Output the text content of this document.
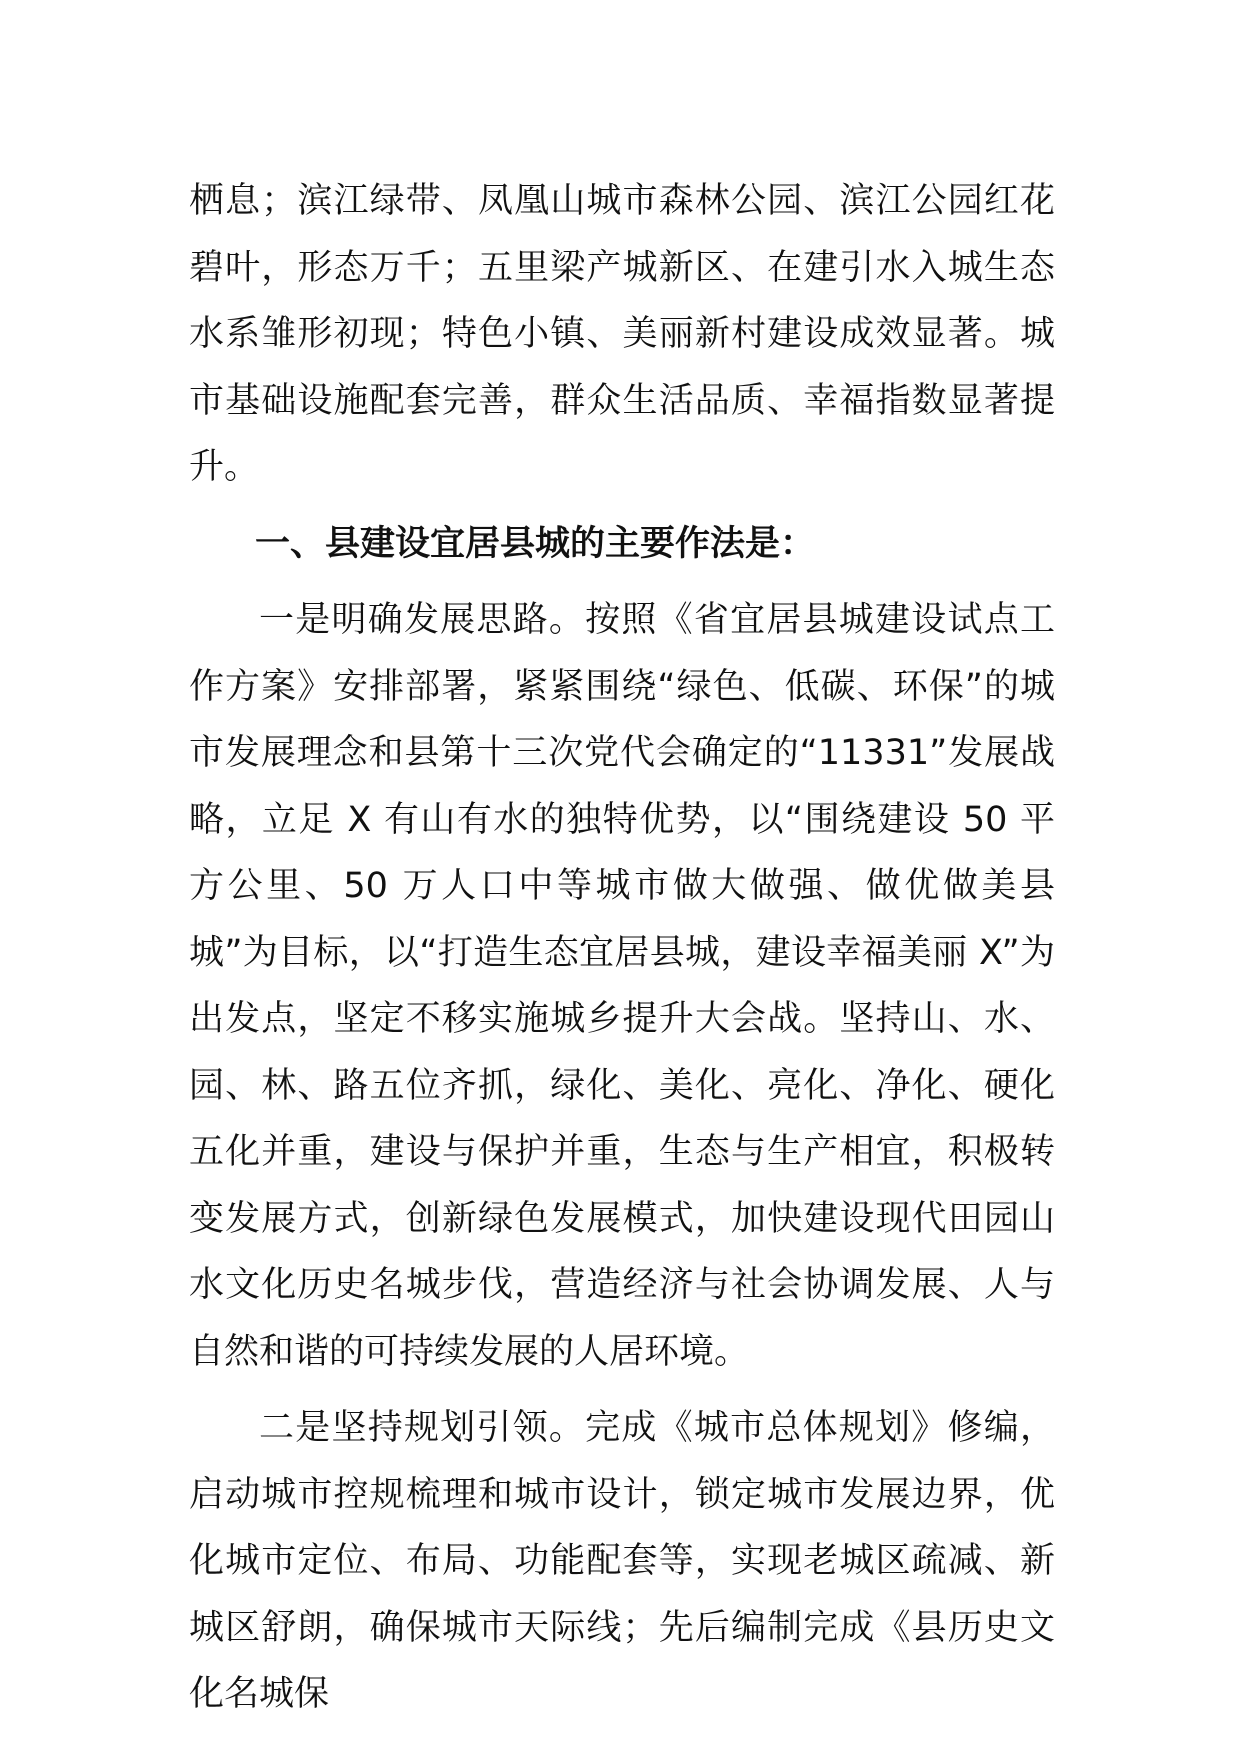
栖息；滨江绿带、凤凰山城市森林公园、滨江公园红花碧叶，形态万千；五里梁产城新区、在建引水入城生态水系雏形初现；特色小镇、美丽新村建设成效显著。城市基础设施配套完善，群众生活品质、幸福指数显著提升。

一、县建设宜居县城的主要作法是：

一是明确发展思路。按照《省宜居县城建设试点工作方案》安排部署，紧紧围绕“绿色、低碳、环保”的城市发展理念和县第十三次党代会确定的“11331”发展战略，立足 X 有山有水的独特优势，以“围绕建设 50 平方公里、50 万人口中等城市做大做强、做优做美县城”为目标，以“打造生态宜居县城，建设幸福美丽 X”为出发点，坚定不移实施城乡提升大会战。坚持山、水、园、林、路五位齐抓，绿化、美化、亮化、净化、硬化五化并重，建设与保护并重，生态与生产相宜，积极转变发展方式，创新绿色发展模式，加快建设现代田园山水文化历史名城步伐，营造经济与社会协调发展、人与自然和谐的可持续发展的人居环境。

二是坚持规划引领。完成《城市总体规划》修编，启动城市控规梳理和城市设计，锁定城市发展边界，优化城市定位、布局、功能配套等，实现老城区疏减、新城区舒朗，确保城市天际线；先后编制完成《县历史文化名城保
